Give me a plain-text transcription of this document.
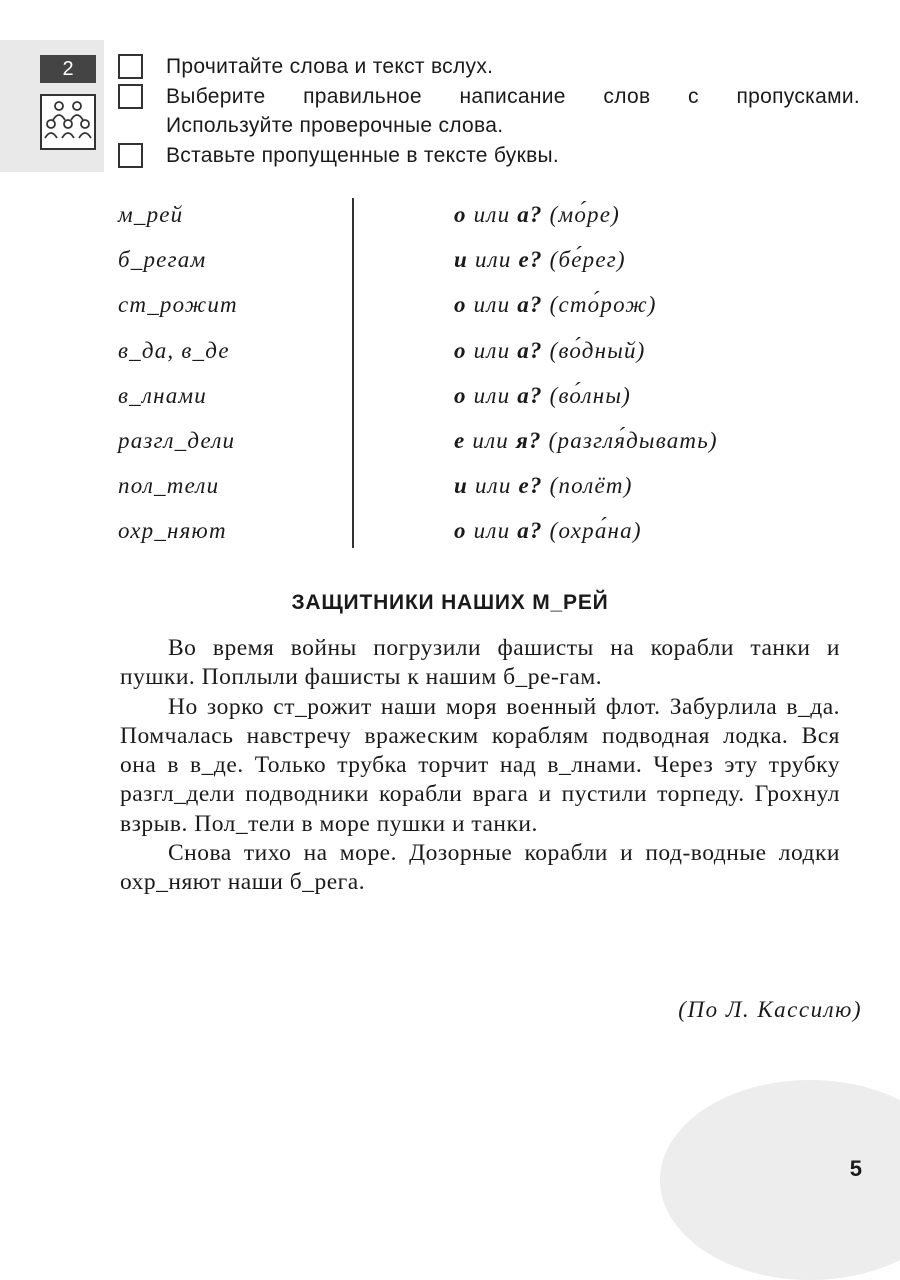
2	Прочитайте слова и текст вслух.
Выберите правильное написание слов с пропусками.
Используйте проверочные слова.
Вставьте пропущенные в тексте буквы.
м_рей	о или а? (мо́ре)
б_регам	и или е? (бе́рег)
ст_рожит	о или а? (сто́рож)
в_да, в_де	о или а? (во́дный)
в_лнами	о или а? (во́лны)
разгл_дели	е или я? (разгля́дывать)
пол_тели	и или е? (полёт)
охр_няют	о или а? (охра́на)
ЗАЩИТНИКИ НАШИХ М_РЕЙ

Во время войны погрузили фашисты на корабли танки и пушки. Поплыли фашисты к нашим б_ре-гам.

Но зорко ст_рожит наши моря военный флот. Забурлила в_да. Помчалась навстречу вражеским кораблям подводная лодка. Вся она в в_де. Только трубка торчит над в_лнами. Через эту трубку разгл_дели подводники корабли врага и пустили торпеду. Грохнул взрыв. Пол_тели в море пушки и танки.

Снова тихо на море. Дозорные корабли и под-водные лодки охр_няют наши б_рега.

(По Л. Кассилю)

5
